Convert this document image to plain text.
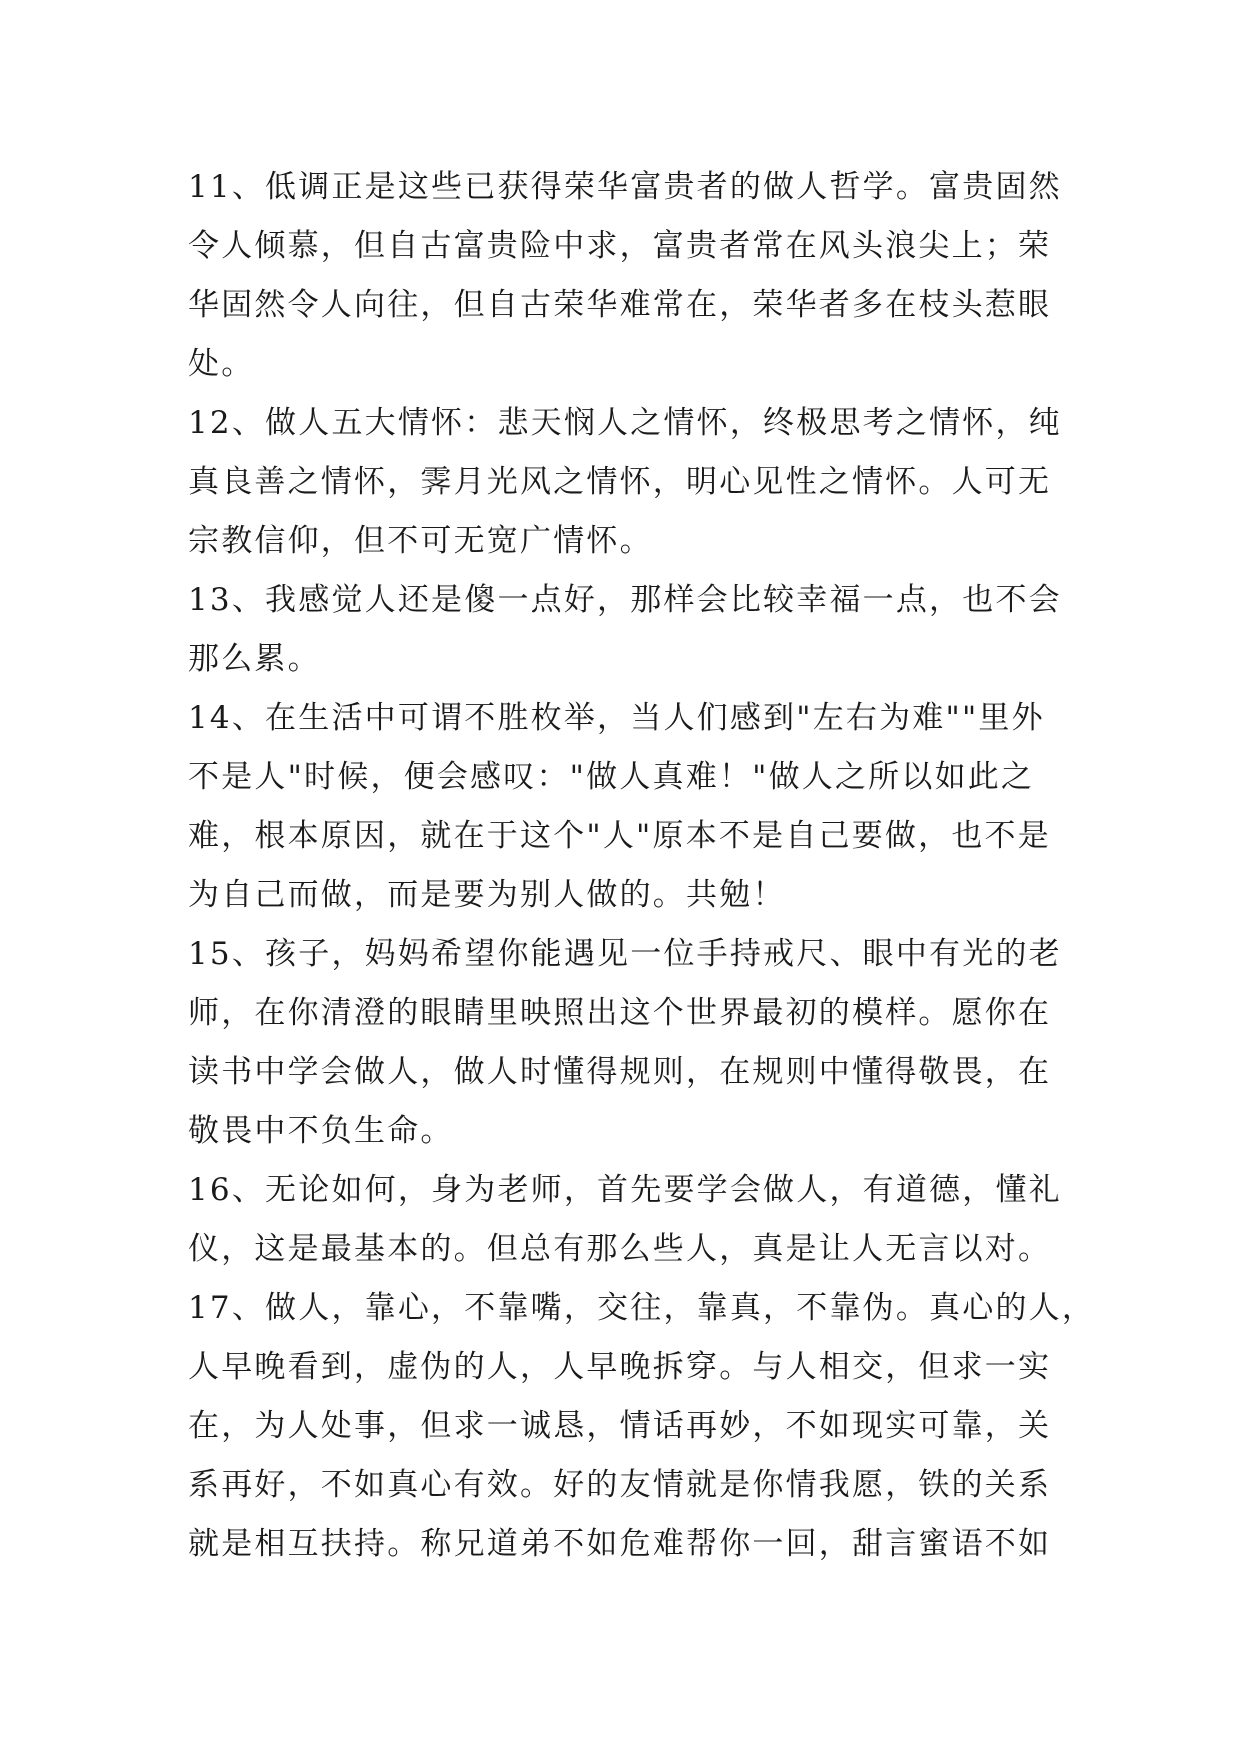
11、低调正是这些已获得荣华富贵者的做人哲学。富贵固然
令人倾慕，但自古富贵险中求，富贵者常在风头浪尖上；荣
华固然令人向往，但自古荣华难常在，荣华者多在枝头惹眼
处。
12、做人五大情怀：悲天悯人之情怀，终极思考之情怀，纯
真良善之情怀，霁月光风之情怀，明心见性之情怀。人可无
宗教信仰，但不可无宽广情怀。
13、我感觉人还是傻一点好，那样会比较幸福一点，也不会
那么累。
14、在生活中可谓不胜枚举，当人们感到"左右为难""里外
不是人"时候，便会感叹："做人真难！"做人之所以如此之
难，根本原因，就在于这个"人"原本不是自己要做，也不是
为自己而做，而是要为别人做的。共勉！
15、孩子，妈妈希望你能遇见一位手持戒尺、眼中有光的老
师，在你清澄的眼睛里映照出这个世界最初的模样。愿你在
读书中学会做人，做人时懂得规则，在规则中懂得敬畏，在
敬畏中不负生命。
16、无论如何，身为老师，首先要学会做人，有道德，懂礼
仪，这是最基本的。但总有那么些人，真是让人无言以对。
17、做人，靠心，不靠嘴，交往，靠真，不靠伪。真心的人，
人早晚看到，虚伪的人，人早晚拆穿。与人相交，但求一实
在，为人处事，但求一诚恳，情话再妙，不如现实可靠，关
系再好，不如真心有效。好的友情就是你情我愿，铁的关系
就是相互扶持。称兄道弟不如危难帮你一回，甜言蜜语不如
